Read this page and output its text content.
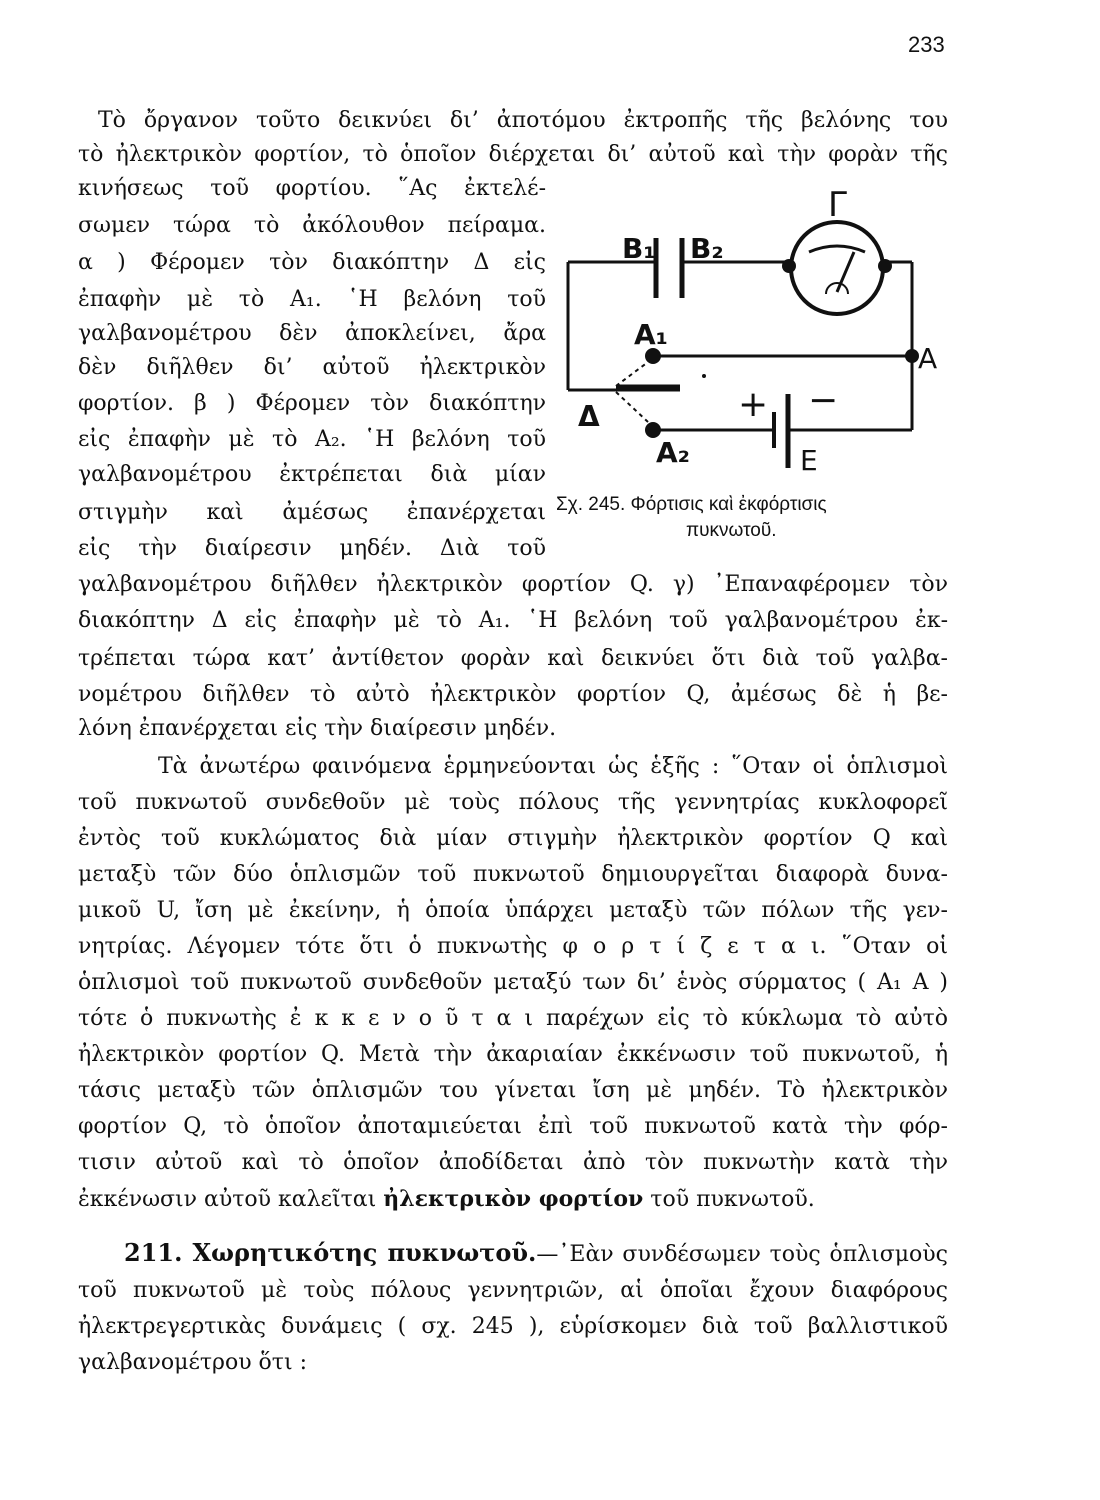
233
B₁ B₂
Γ
A₁
A
Δ
A₂
+ −
E
Σχ. 245. Φόρτισις καὶ ἐκφόρτισις
πυκνωτοῦ.
Τὸ ὄργανον τοῦτο δεικνύει δι’ ἀποτόμου ἐκτροπῆς τῆς βελόνης του
τὸ ἠλεκτρικὸν φορτίον, τὸ ὁποῖον διέρχεται δι’ αὐτοῦ καὶ τὴν φορὰν τῆς
κινήσεως τοῦ φορτίου. ῞Ας ἐκτελέ-
σωμεν τώρα τὸ ἀκόλουθον πείραμα.
α ) Φέρομεν τὸν διακόπτην Δ εἰς
ἐπαφὴν μὲ τὸ Α₁. ῾Η βελόνη τοῦ
γαλβανομέτρου δὲν ἀποκλείνει, ἄρα
δὲν διῆλθεν δι’ αὐτοῦ ἠλεκτρικὸν
φορτίον. β ) Φέρομεν τὸν διακόπτην
εἰς ἐπαφὴν μὲ τὸ Α₂. ῾Η βελόνη τοῦ
γαλβανομέτρου ἐκτρέπεται διὰ μίαν
στιγμὴν καὶ ἀμέσως ἐπανέρχεται
εἰς τὴν διαίρεσιν μηδέν. Διὰ τοῦ
γαλβανομέτρου διῆλθεν ἠλεκτρικὸν φορτίον Q. γ) ᾿Επαναφέρομεν τὸν
διακόπτην Δ εἰς ἐπαφὴν μὲ τὸ Α₁. ῾Η βελόνη τοῦ γαλβανομέτρου ἐκ-
τρέπεται τώρα κατ’ ἀντίθετον φορὰν καὶ δεικνύει ὅτι διὰ τοῦ γαλβα-
νομέτρου διῆλθεν τὸ αὐτὸ ἠλεκτρικὸν φορτίον Q, ἀμέσως δὲ ἡ βε-
λόνη ἐπανέρχεται εἰς τὴν διαίρεσιν μηδέν.
Τὰ ἀνωτέρω φαινόμενα ἑρμηνεύονται ὡς ἑξῆς : ῞Οταν οἱ ὁπλισμοὶ
τοῦ πυκνωτοῦ συνδεθοῦν μὲ τοὺς πόλους τῆς γεννητρίας κυκλοφορεῖ
ἐντὸς τοῦ κυκλώματος διὰ μίαν στιγμὴν ἠλεκτρικὸν φορτίον Q καὶ
μεταξὺ τῶν δύο ὁπλισμῶν τοῦ πυκνωτοῦ δημιουργεῖται διαφορὰ δυνα-
μικοῦ U, ἴση μὲ ἐκείνην, ἡ ὁποία ὑπάρχει μεταξὺ τῶν πόλων τῆς γεν-
νητρίας. Λέγομεν τότε ὅτι ὁ πυκνωτὴς φ ο ρ τ ί ζ ε τ α ι. ῞Οταν οἱ
ὁπλισμοὶ τοῦ πυκνωτοῦ συνδεθοῦν μεταξύ των δι’ ἑνὸς σύρματος ( Α₁ Α )
τότε ὁ πυκνωτὴς ἐ κ κ ε ν ο ῦ τ α ι παρέχων εἰς τὸ κύκλωμα τὸ αὐτὸ
ἠλεκτρικὸν φορτίον Q. Μετὰ τὴν ἀκαριαίαν ἐκκένωσιν τοῦ πυκνωτοῦ, ἡ
τάσις μεταξὺ τῶν ὁπλισμῶν του γίνεται ἴση μὲ μηδέν. Τὸ ἠλεκτρικὸν
φορτίον Q, τὸ ὁποῖον ἀποταμιεύεται ἐπὶ τοῦ πυκνωτοῦ κατὰ τὴν φόρ-
τισιν αὐτοῦ καὶ τὸ ὁποῖον ἀποδίδεται ἀπὸ τὸν πυκνωτὴν κατὰ τὴν
ἐκκένωσιν αὐτοῦ καλεῖται ἠλεκτρικὸν φορτίον τοῦ πυκνωτοῦ.
211. Χωρητικότης πυκνωτοῦ.—᾿Εὰν συνδέσωμεν τοὺς ὁπλισμοὺς
τοῦ πυκνωτοῦ μὲ τοὺς πόλους γεννητριῶν, αἱ ὁποῖαι ἔχουν διαφόρους
ἠλεκτρεγερτικὰς δυνάμεις ( σχ. 245 ), εὑρίσκομεν διὰ τοῦ βαλλιστικοῦ
γαλβανομέτρου ὅτι :
